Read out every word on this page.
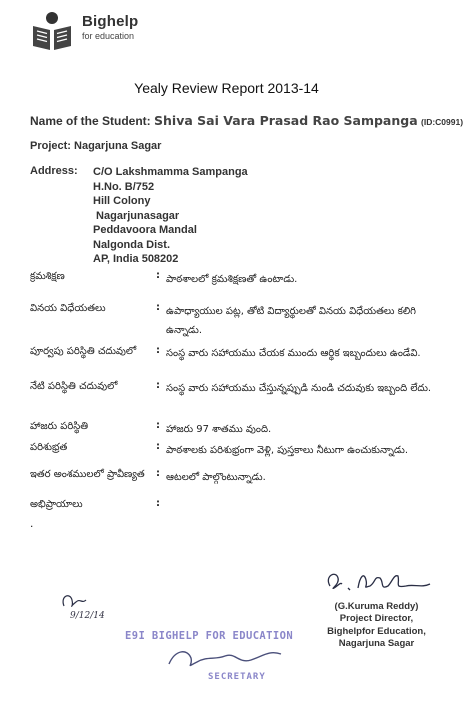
Bighelp
for education
Yealy Review Report 2013-14
Name of the Student: Shiva Sai Vara Prasad Rao Sampanga (ID:C0991)
Project: Nagarjuna Sagar
Address: C/O Lakshmamma Sampanga
H.No. B/752
Hill Colony
Nagarjunasagar
Peddavoora Mandal
Nalgonda Dist.
AP, India 508202
క్రమశిక్షణ	: పాఠశాలలో క్రమశిక్షణతో ఉంటాడు.
వినయ విధేయతలు	: ఉపాధ్యాయుల పట్ల, తోటి విద్యార్థులతో వినయ విధేయతలు కలిగి ఉన్నాడు.
పూర్వపు పరిస్థితి చదువులో : సంస్థ వారు సహాయము చేయక ముందు ఆర్థిక ఇబ్బందులు ఉండేవి.
నేటి పరిస్థితి చదువులో	: సంస్థ వారు సహాయము చేస్తున్నప్పుడి నుండి చదువుకు ఇబ్బంది లేదు.
హాజరు పరిస్థితి	: హాజరు 97 శాతము వుంది.
పరిశుభ్రత	: పాఠశాలకు పరిశుభ్రంగా వెళ్లి, పుస్తకాలు నీటుగా ఉంచుకున్నాడు.
ఇతర అంశములలో ప్రావీణ్యత : ఆటలలో పాల్గొంటున్నాడు.
అభిప్రాయాలు	:
.
(G.Kuruma Reddy)
Project Director,
Bighelpfor Education,
Nagarjuna Sagar
9/12/14
E9I BIGHELP FOR EDUCATION
SECRETARY
